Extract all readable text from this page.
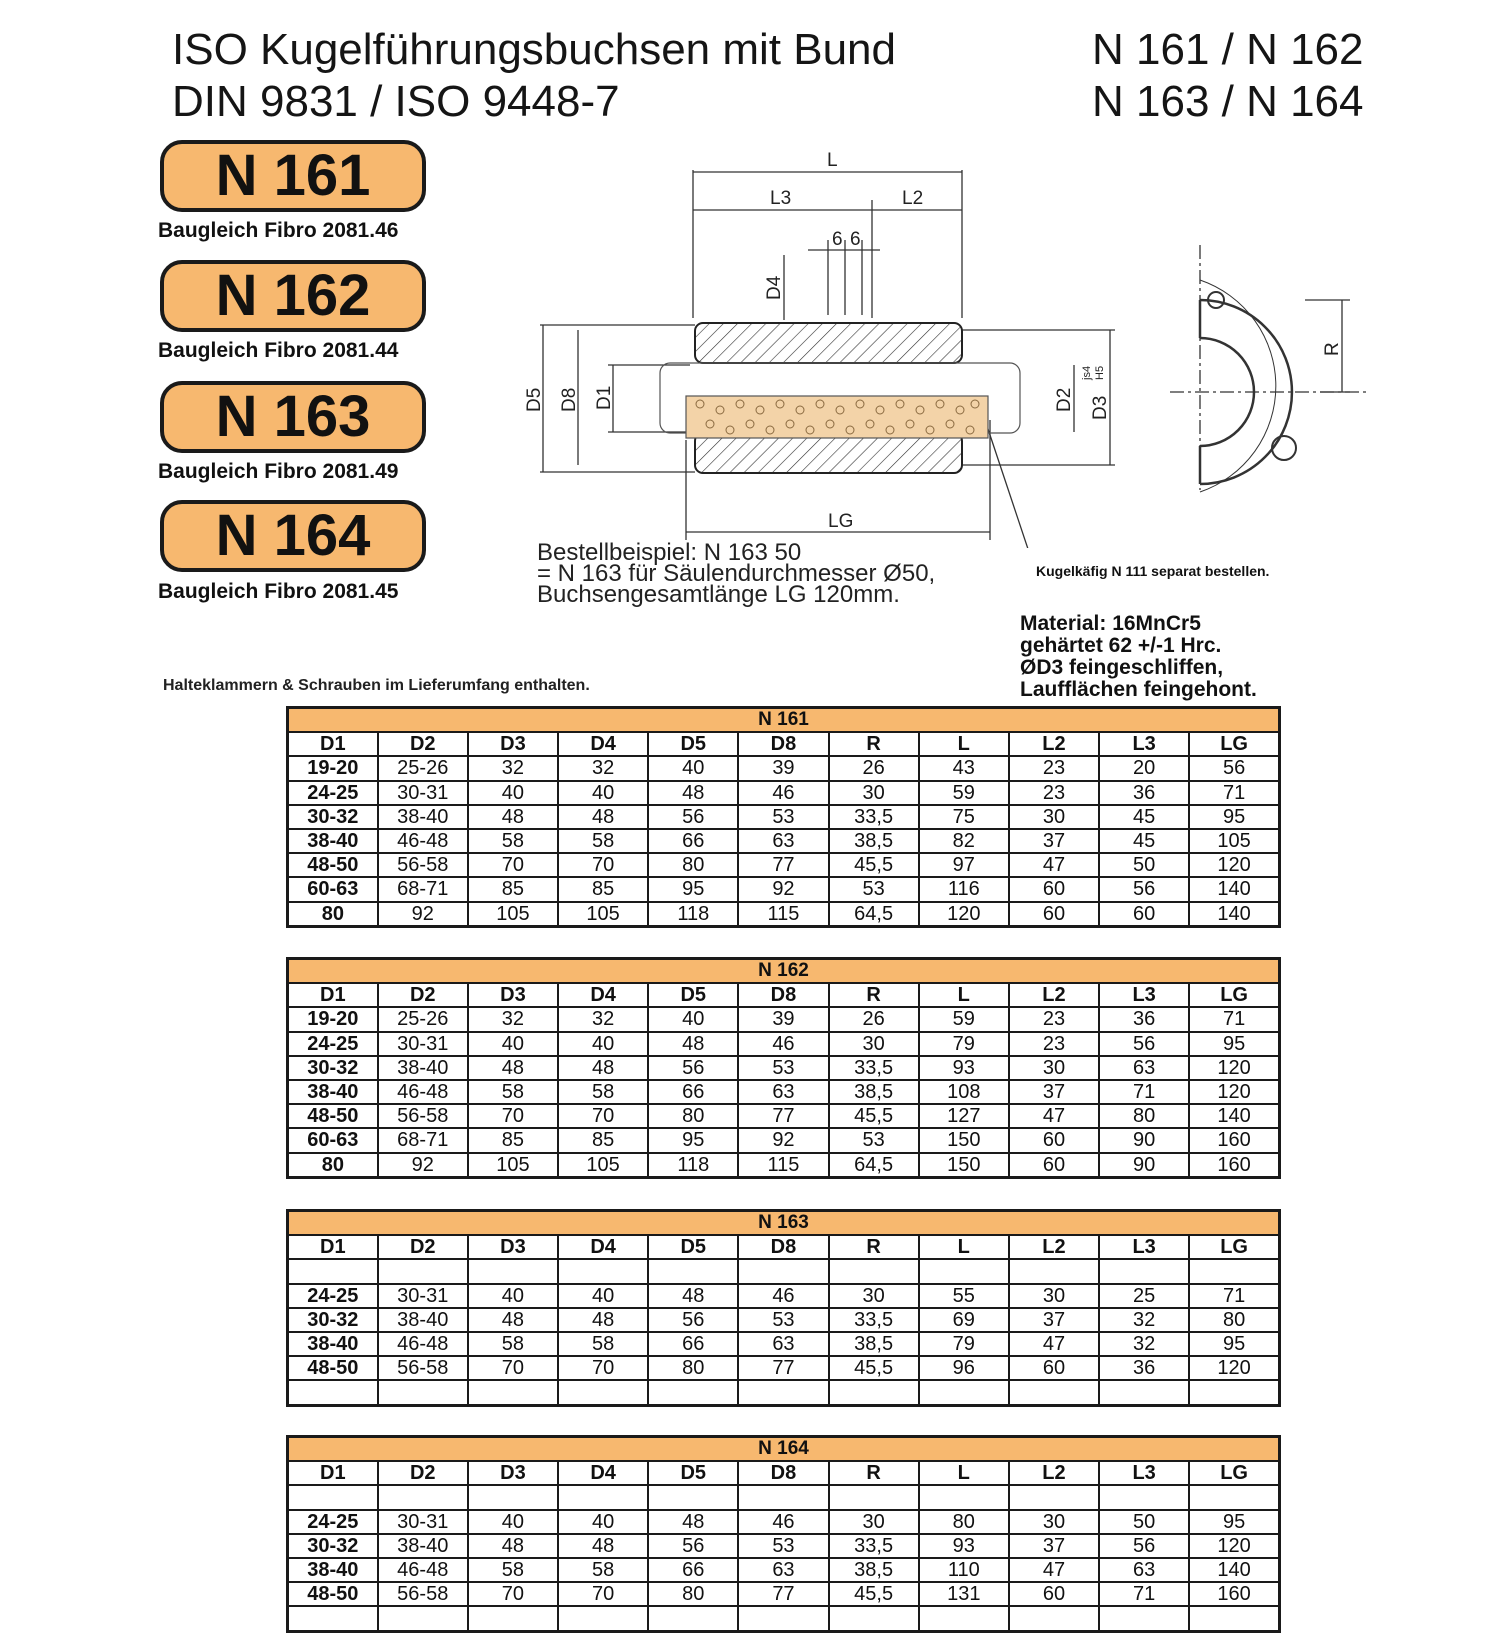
ISO Kugelführungsbuchsen mit Bund
DIN 9831 / ISO 9448-7
N 161 / N 162
N 163 / N 164
N 161
Baugleich Fibro 2081.46
N 162
Baugleich Fibro 2081.44
N 163
Baugleich Fibro 2081.49
N 164
Baugleich Fibro 2081.45
L
L3	L2
6 6
LG
D4
D5 D8 D1	D2 D3
js4 H5
R
Bestellbeispiel: N 163 50
= N 163 für Säulendurchmesser Ø50,
Buchsengesamtlänge LG 120mm.
Kugelkäfig N 111 separat bestellen.
Material: 16MnCr5
gehärtet 62 +/-1 Hrc.
ØD3 feingeschliffen,
Laufflächen feingehont.
Halteklammern & Schrauben im Lieferumfang enthalten.
N 161										
D1	D2	D3	D4	D5	D8	R	L	L2	L3	LG
19-20	25-26	32	32	40	39	26	43	23	20	56
24-25	30-31	40	40	48	46	30	59	23	36	71
30-32	38-40	48	48	56	53	33,5	75	30	45	95
38-40	46-48	58	58	66	63	38,5	82	37	45	105
48-50	56-58	70	70	80	77	45,5	97	47	50	120
60-63	68-71	85	85	95	92	53	116	60	56	140
80	92	105	105	118	115	64,5	120	60	60	140
N 162										
D1	D2	D3	D4	D5	D8	R	L	L2	L3	LG
19-20	25-26	32	32	40	39	26	59	23	36	71
24-25	30-31	40	40	48	46	30	79	23	56	95
30-32	38-40	48	48	56	53	33,5	93	30	63	120
38-40	46-48	58	58	66	63	38,5	108	37	71	120
48-50	56-58	70	70	80	77	45,5	127	47	80	140
60-63	68-71	85	85	95	92	53	150	60	90	160
80	92	105	105	118	115	64,5	150	60	90	160
N 163										
D1	D2	D3	D4	D5	D8	R	L	L2	L3	LG

24-25	30-31	40	40	48	46	30	55	30	25	71
30-32	38-40	48	48	56	53	33,5	69	37	32	80
38-40	46-48	58	58	66	63	38,5	79	47	32	95
48-50	56-58	70	70	80	77	45,5	96	60	36	120

N 164										
D1	D2	D3	D4	D5	D8	R	L	L2	L3	LG

24-25	30-31	40	40	48	46	30	80	30	50	95
30-32	38-40	48	48	56	53	33,5	93	37	56	120
38-40	46-48	58	58	66	63	38,5	110	47	63	140
48-50	56-58	70	70	80	77	45,5	131	60	71	160
